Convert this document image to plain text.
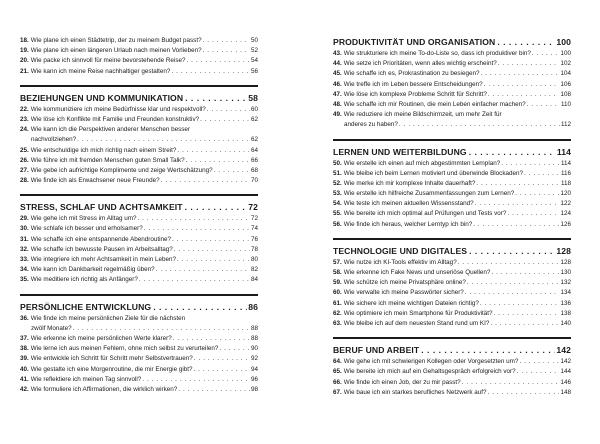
18. Wie plane ich einen Städtetrip, der zu meinem Budget passt? . . .	50
19. Wie plane ich einen längeren Urlaub nach meinen Vorlieben? . . .	52
20. Wie packe ich sinnvoll für meine bevorstehende Reise? . . .	54
21. Wie kann ich meine Reise nachhaltiger gestalten? . . .	56
BEZIEHUNGEN UND KOMMUNIKATION . . .	58
22. Wie kommuniziere ich meine Bedürfnisse klar und respektvoll? . . .	60
23. Wie löse ich Konflikte mit Familie und Freunden konstruktiv? . . .	62
24. Wie kann ich die Perspektiven anderer Menschen besser
nachvollziehen? . . .	62
25. Wie entschuldige ich mich richtig nach einem Streit? . . .	64
26. Wie führe ich mit fremden Menschen guten Small Talk? . . .	66
27. Wie gebe ich aufrichtige Komplimente und zeige Wertschätzung? . . .	68
28. Wie finde ich als Erwachsener neue Freunde? . . .	70
STRESS, SCHLAF UND ACHTSAMKEIT . . .	72
29. Wie gehe ich mit Stress im Alltag um? . . .	72
30. Wie schlafe ich besser und erholsamer? . . .	74
31. Wie schaffe ich eine entspannende Abendroutine? . . .	76
32. Wie schaffe ich bewusste Pausen im Arbeitsalltag? . . .	78
33. Wie integriere ich mehr Achtsamkeit in mein Leben? . . .	80
34. Wie kann ich Dankbarkeit regelmäßig üben? . . .	82
35. Wie meditiere ich richtig als Anfänger? . . .	84
PERSÖNLICHE ENTWICKLUNG . . .	86
36. Wie finde ich meine persönlichen Ziele für die nächsten
zwölf Monate? . . .	88
37. Wie erkenne ich meine persönlichen Werte klarer? . . .	88
38. Wie lerne ich aus meinen Fehlern, ohne mich selbst zu verurteilen? . . .	90
39. Wie entwickle ich Schritt für Schritt mehr Selbstvertrauen? . . .	92
40. Wie gestalte ich eine Morgenroutine, die mir Energie gibt? . . .	94
41. Wie reflektiere ich meinen Tag sinnvoll? . . .	96
42. Wie formuliere ich Affirmationen, die wirklich wirken? . . .	98
PRODUKTIVITÄT UND ORGANISATION . . .	100
43. Wie strukturiere ich meine To-do-Liste so, dass ich produktiver bin? . . .	100
44. Wie setze ich Prioritäten, wenn alles wichtig erscheint? . . .	102
45. Wie schaffe ich es, Prokrastination zu besiegen? . . .	104
46. Wie treffe ich im Leben bessere Entscheidungen? . . .	106
47. Wie löse ich komplexe Probleme Schritt für Schritt? . . .	108
48. Wie schaffe ich mir Routinen, die mein Leben einfacher machen? . . .	110
49. Wie reduziere ich meine Bildschirmzeit, um mehr Zeit für
anderes zu haben? . . .	112
LERNEN UND WEITERBILDUNG . . .	114
50. Wie erstelle ich einen auf mich abgestimmten Lernplan? . . .	114
51. Wie bleibe ich beim Lernen motiviert und überwinde Blockaden? . . .	116
52. Wie merke ich mir komplexe Inhalte dauerhaft? . . .	118
53. Wie erstelle ich hilfreiche Zusammenfassungen zum Lernen? . . .	120
54. Wie teste ich meinen aktuellen Wissensstand? . . .	122
55. Wie bereite ich mich optimal auf Prüfungen und Tests vor? . . .	124
56. Wie finde ich heraus, welcher Lerntyp ich bin? . . .	126
TECHNOLOGIE UND DIGITALES . . .	128
57. Wie nutze ich KI-Tools effektiv im Alltag? . . .	128
58. Wie erkenne ich Fake News und unseriöse Quellen? . . .	130
59. Wie schütze ich meine Privatsphäre online? . . .	132
60. Wie verwalte ich meine Passwörter sicher? . . .	134
61. Wie sichere ich meine wichtigen Dateien richtig? . . .	136
62. Wie optimiere ich mein Smartphone für Produktivität? . . .	138
63. Wie bleibe ich auf dem neuesten Stand rund um KI? . . .	140
BERUF UND ARBEIT . . .	142
64. Wie gehe ich mit schwierigen Kollegen oder Vorgesetzten um? . . .	142
65. Wie bereite ich mich auf ein Gehaltsgespräch erfolgreich vor? . . .	144
66. Wie finde ich einen Job, der zu mir passt? . . .	146
67. Wie baue ich ein starkes berufliches Netzwerk auf? . . .	148
